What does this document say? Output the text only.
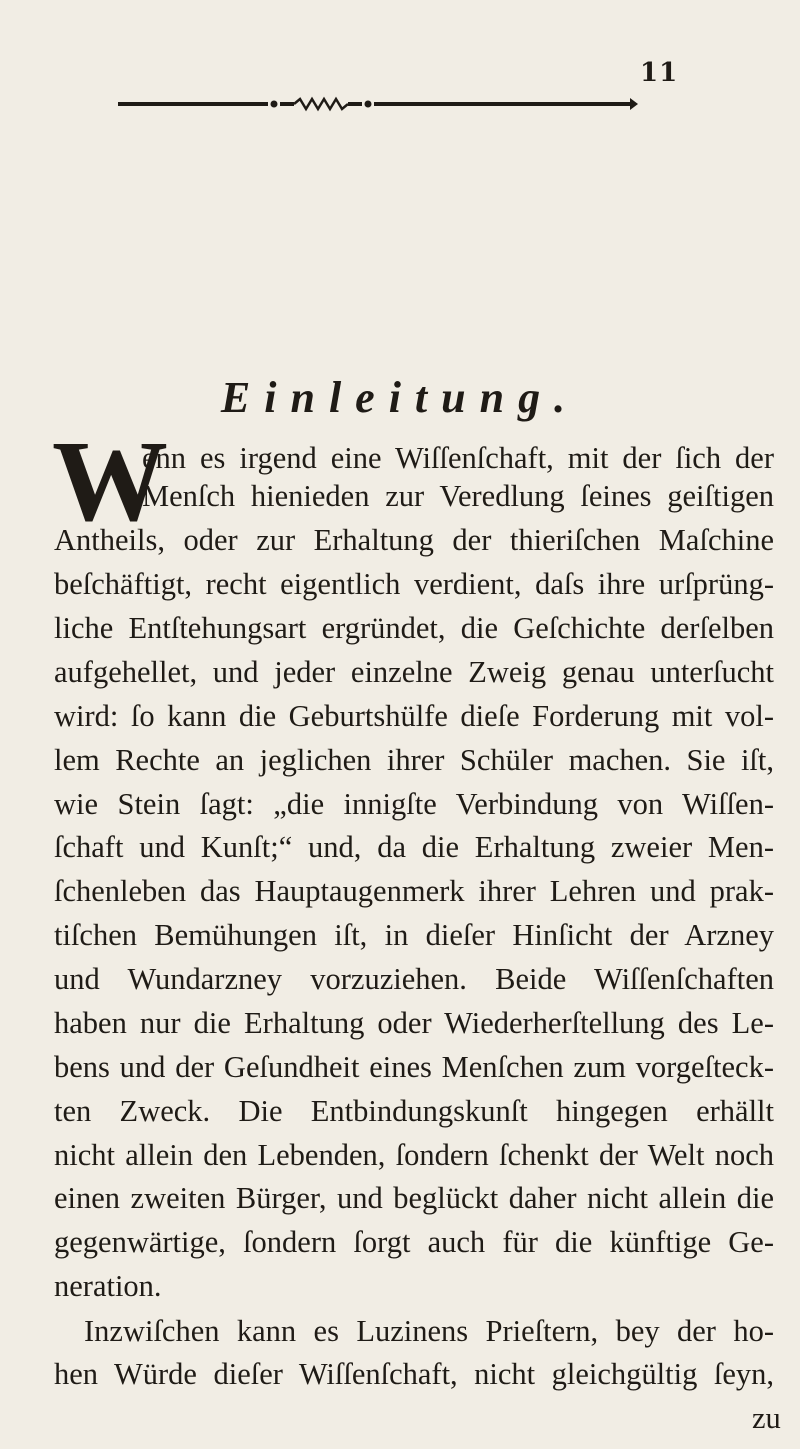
11
Einleitung.
W
enn es irgend eine Wiſſenſchaft, mit der ſich der
Menſch hienieden zur Veredlung ſeines geiſtigen
Antheils, oder zur Erhaltung der thieriſchen Maſchine
beſchäftigt, recht eigentlich verdient, daſs ihre urſprüng-
liche Entſtehungsart ergründet, die Geſchichte derſelben
aufgehellet, und jeder einzelne Zweig genau unterſucht
wird: ſo kann die Geburtshülfe dieſe Forderung mit vol-
lem Rechte an jeglichen ihrer Schüler machen. Sie iſt,
wie Stein ſagt: „die innigſte Verbindung von Wiſſen-
ſchaft und Kunſt;“ und, da die Erhaltung zweier Men-
ſchenleben das Hauptaugenmerk ihrer Lehren und prak-
tiſchen Bemühungen iſt, in dieſer Hinſicht der Arzney
und Wundarzney vorzuziehen. Beide Wiſſenſchaften
haben nur die Erhaltung oder Wiederherſtellung des Le-
bens und der Geſundheit eines Menſchen zum vorgeſteck-
ten Zweck. Die Entbindungskunſt hingegen erhällt
nicht allein den Lebenden, ſondern ſchenkt der Welt noch
einen zweiten Bürger, und beglückt daher nicht allein die
gegenwärtige, ſondern ſorgt auch für die künftige Ge-
neration.
Inzwiſchen kann es Luzinens Prieſtern, bey der ho-
hen Würde dieſer Wiſſenſchaft, nicht gleichgültig ſeyn,
zu
